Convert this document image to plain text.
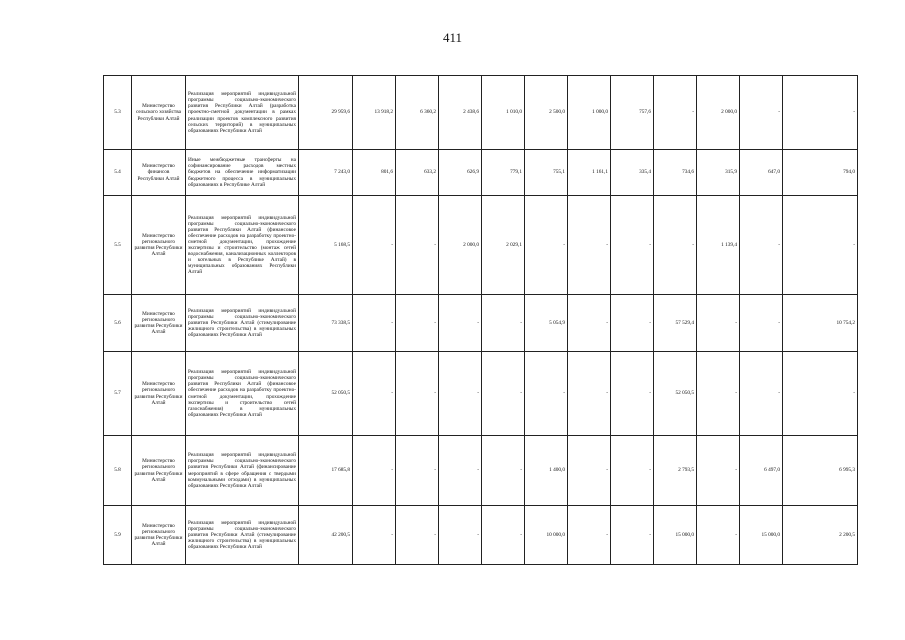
411
5.3	Министерство сельского хозяйства Республики Алтай	Реализация мероприятий индивидуальной программы социально-экономического развития Республики Алтай (разработка проектно-сметной документации в рамках реализации проектов комплексного развития сельских территорий) в муниципальных образованиях Республики Алтай	29 959,6	13 918,2	6 360,2	2 438,6	1 010,0	2 500,0	1 000,0	757,6	-	2 000,0	-	-
5.4	Министерство финансов Республики Алтай	Иные межбюджетные трансферты на софинансирование расходов местных бюджетов на обеспечение информатизации бюджетного процесса в муниципальных образованиях в Республике Алтай	7 243,0	801,6	633,2	626,9	779,1	755,1	1 161,1	335,4	734,6	315,9	647,0	794,0
5.5	Министерство регионального развития Республики Алтай	Реализация мероприятий индивидуальной программы социально-экономического развития Республики Алтай (финансовое обеспечение расходов на разработку проектно-сметной документации, прохождение экспертизы и строительство (монтаж сетей водоснабжения, канализационных коллекторов и котельных в Республике Алтай) в муниципальных образованиях Республики Алтай	5 168,5	-	-	2 000,0	2 029,1	-	-	-	-	1 139,4	-	-
5.6	Министерство регионального развития Республики Алтай	Реализация мероприятий индивидуальной программы социально-экономического развития Республики Алтай (стимулирование жилищного строительства) в муниципальных образованиях Республики Алтай	73 338,5	-	-	-	-	5 054,9	-	-	57 529,4	-	-	10 754,2
5.7	Министерство регионального развития Республики Алтай	Реализация мероприятий индивидуальной программы социально-экономического развития Республики Алтай (финансовое обеспечение расходов на разработку проектно-сметной документации, прохождение экспертизы и строительство сетей газоснабжения) в муниципальных образованиях Республики Алтай	52 050,5	-	-	-	-	-	-	-	52 050,5	-	-	-
5.8	Министерство регионального развития Республики Алтай	Реализация мероприятий индивидуальной программы социально-экономического развития Республики Алтай (финансирование мероприятий в сфере обращения с твердыми коммунальными отходами) в муниципальных образованиях Республики Алтай	17 685,8	-	-	-	-	1 400,0	-	-	2 793,5	-	6 497,0	6 995,3
5.9	Министерство регионального развития Республики Алтай	Реализация мероприятий индивидуальной программы социально-экономического развития Республики Алтай (стимулирование жилищного строительства) в муниципальных образованиях Республики Алтай	42 200,5	-	-	-	-	10 000,0	-	-	15 000,0	-	15 000,0	2 200,5
